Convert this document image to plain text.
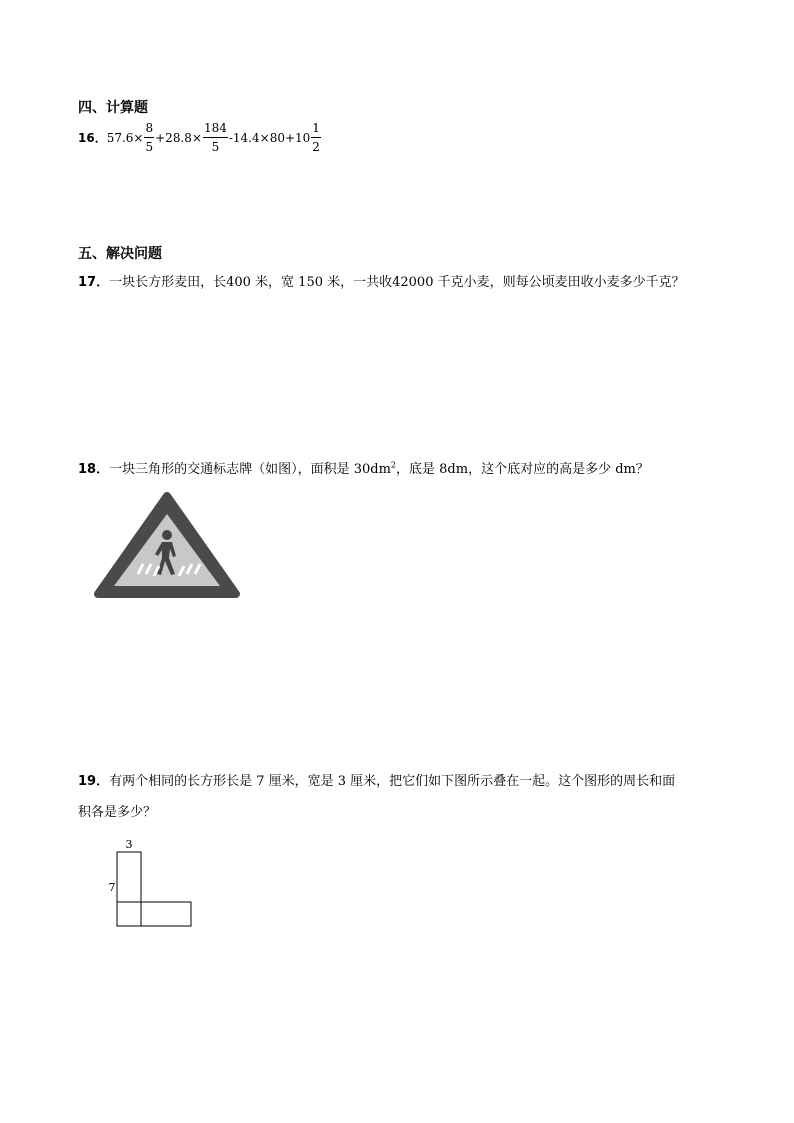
四、计算题
16． $57.6\times \frac{8}{5} +28.8\times \frac{184}{5} -14.4\times 80+10 \frac{1}{2}$
五、解决问题
17．一块长方形麦田，长400 米，宽 150 米，一共收42000 千克小麦，则每公顷麦田收小麦多少千克？
18．一块三角形的交通标志牌（如图），面积是 $30dm^2$，底是 8dm，这个底对应的高是多少 dm？
19．有两个相同的长方形长是 7 厘米，宽是 3 厘米，把它们如下图所示叠在一起。这个图形的周长和面
积各是多少？
3
7
